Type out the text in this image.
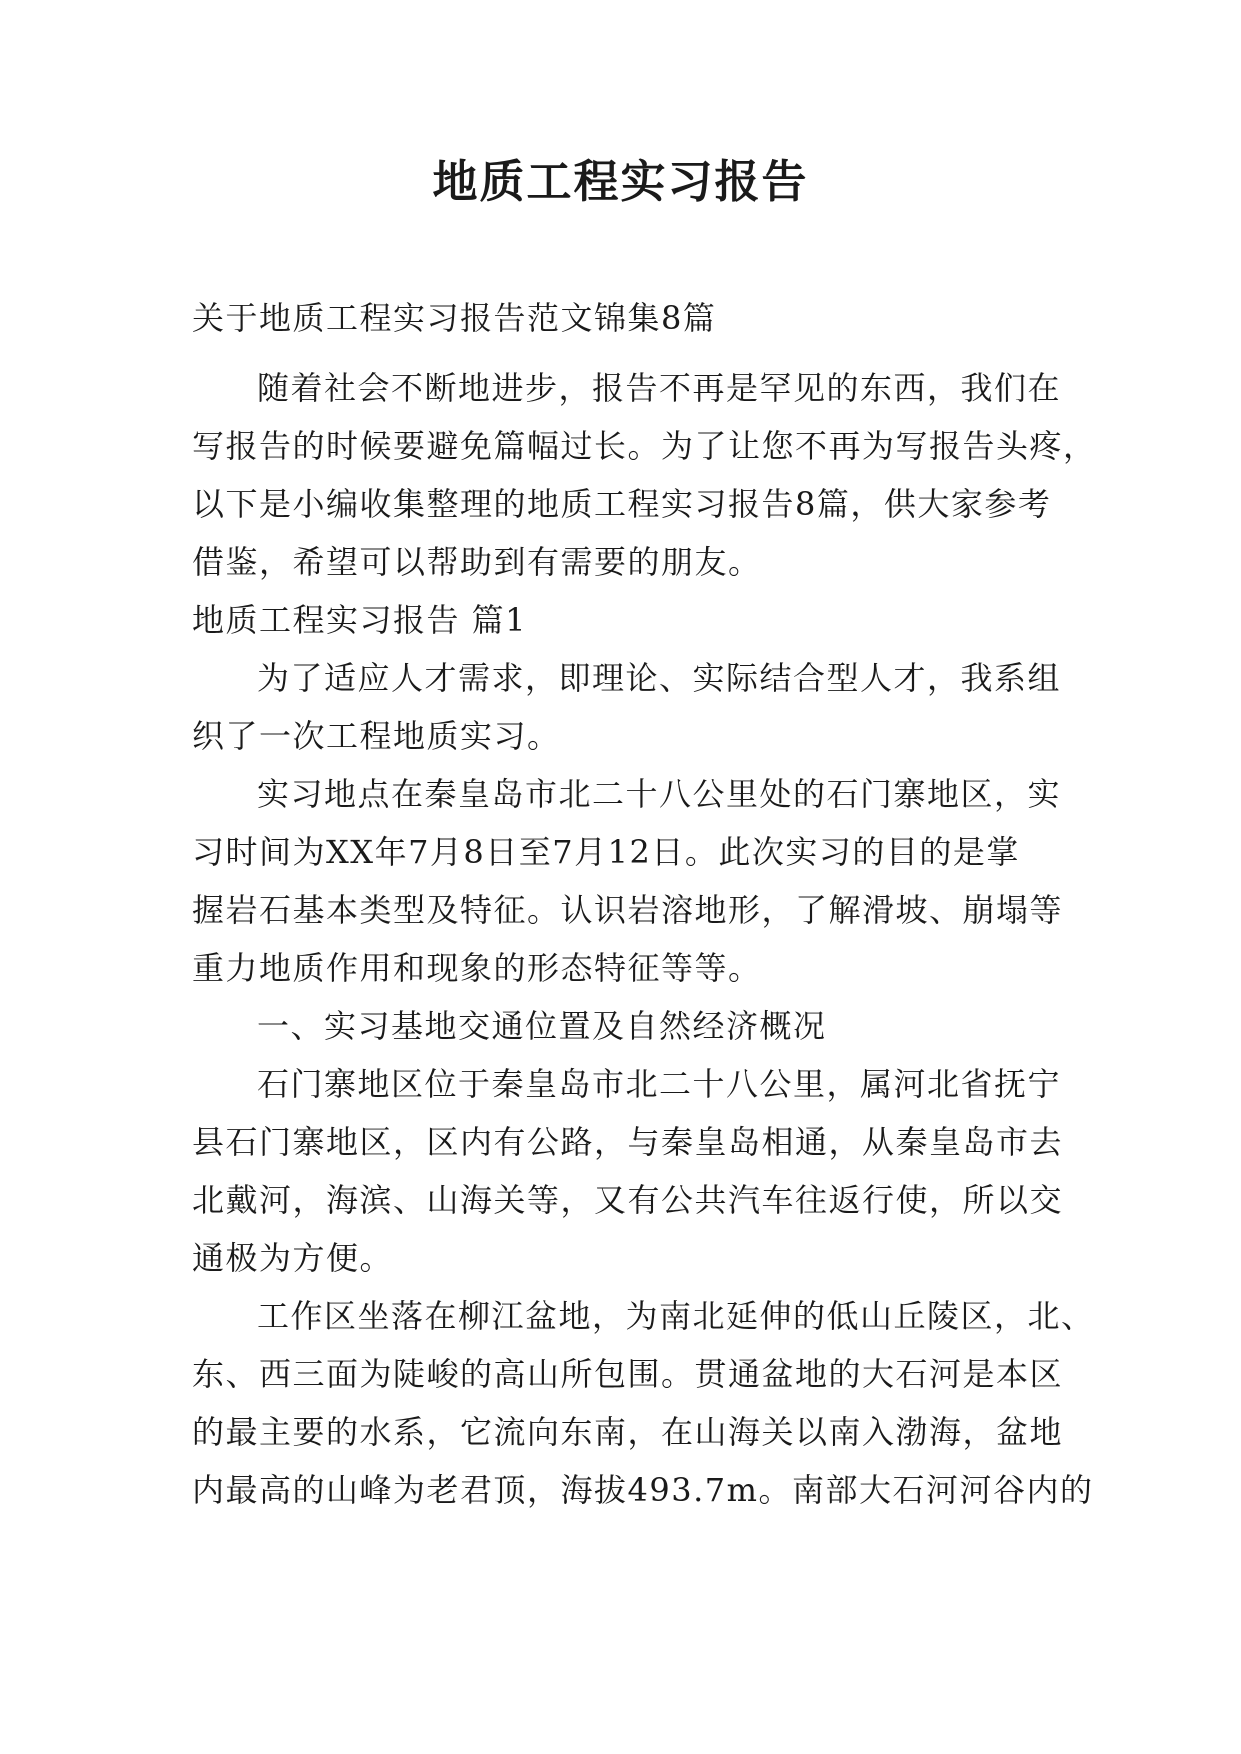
地质工程实习报告
关于地质工程实习报告范文锦集8篇
随着社会不断地进步，报告不再是罕见的东西，我们在
写报告的时候要避免篇幅过长。为了让您不再为写报告头疼，
以下是小编收集整理的地质工程实习报告8篇，供大家参考
借鉴，希望可以帮助到有需要的朋友。
地质工程实习报告 篇1
为了适应人才需求，即理论、实际结合型人才，我系组
织了一次工程地质实习。
实习地点在秦皇岛市北二十八公里处的石门寨地区，实
习时间为XX年7月8日至7月12日。此次实习的目的是掌
握岩石基本类型及特征。认识岩溶地形，了解滑坡、崩塌等
重力地质作用和现象的形态特征等等。
一、实习基地交通位置及自然经济概况
石门寨地区位于秦皇岛市北二十八公里，属河北省抚宁
县石门寨地区，区内有公路，与秦皇岛相通，从秦皇岛市去
北戴河，海滨、山海关等，又有公共汽车往返行使，所以交
通极为方便。
工作区坐落在柳江盆地，为南北延伸的低山丘陵区，北、
东、西三面为陡峻的高山所包围。贯通盆地的大石河是本区
的最主要的水系，它流向东南，在山海关以南入渤海，盆地
内最高的山峰为老君顶，海拔493.7m。南部大石河河谷内的
